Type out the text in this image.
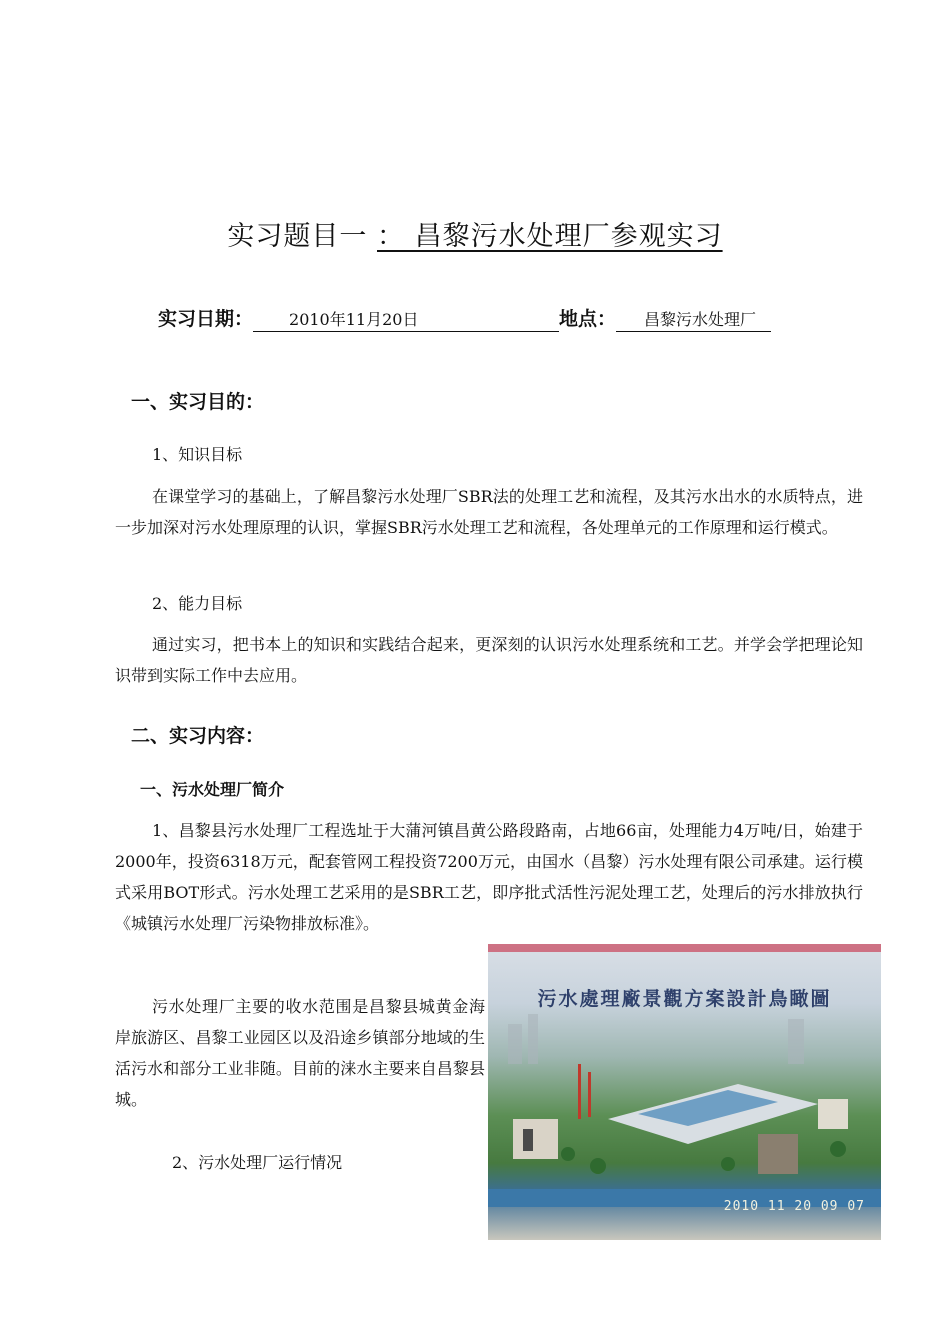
实习题目一 ： 昌黎污水处理厂参观实习
实习日期： 2010年11月20日	地点： 昌黎污水处理厂
一、实习目的：
1、知识目标
在课堂学习的基础上，了解昌黎污水处理厂SBR法的处理工艺和流程，及其污水出水的水质特点，进一步加深对污水处理原理的认识，掌握SBR污水处理工艺和流程，各处理单元的工作原理和运行模式。
2、能力目标
通过实习，把书本上的知识和实践结合起来，更深刻的认识污水处理系统和工艺。并学会学把理论知识带到实际工作中去应用。
二、实习内容：
一、污水处理厂简介
1、昌黎县污水处理厂工程选址于大蒲河镇昌黄公路段路南，占地66亩，处理能力4万吨/日，始建于2000年，投资6318万元，配套管网工程投资7200万元，由国水（昌黎）污水处理有限公司承建。运行模式采用BOT形式。污水处理工艺采用的是SBR工艺，即序批式活性污泥处理工艺，处理后的污水排放执行《城镇污水处理厂污染物排放标准》。
污水处理厂主要的收水范围是昌黎县城黄金海岸旅游区、昌黎工业园区以及沿途乡镇部分地域的生活污水和部分工业非随。目前的涞水主要来自昌黎县城。
2、污水处理厂运行情况
污水處理廠景觀方案設計鳥瞰圖
2010 11 20 09 07
